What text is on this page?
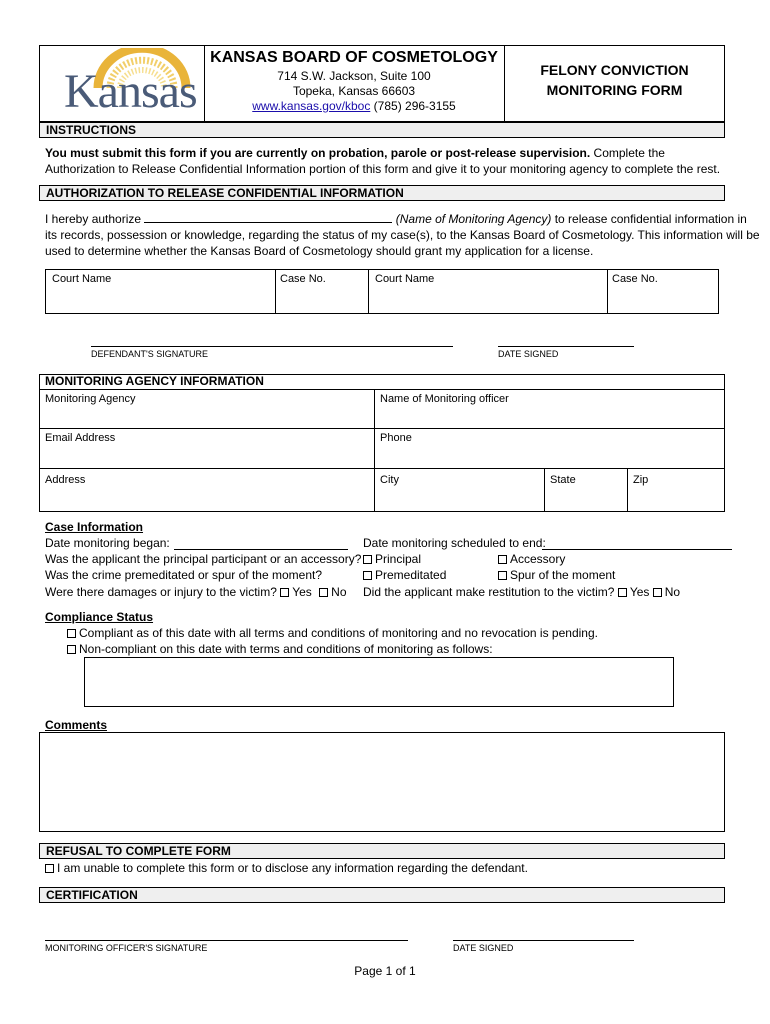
Kansas
KANSAS BOARD OF COSMETOLOGY
714 S.W. Jackson, Suite 100
Topeka, Kansas 66603
www.kansas.gov/kboc (785) 296-3155
FELONY CONVICTION
MONITORING FORM
INSTRUCTIONS
You must submit this form if you are currently on probation, parole or post-release supervision. Complete the Authorization to Release Confidential Information portion of this form and give it to your monitoring agency to complete the rest.
AUTHORIZATION TO RELEASE CONFIDENTIAL INFORMATION
I hereby authorize	(Name of Monitoring Agency) to release confidential information in
its records, possession or knowledge, regarding the status of my case(s), to the Kansas Board of Cosmetology. This information will be
used to determine whether the Kansas Board of Cosmetology should grant my application for a license.
Court Name	Case No.	Court Name	Case No.
DEFENDANT'S SIGNATURE	DATE SIGNED
MONITORING AGENCY INFORMATION
Monitoring Agency	Name of Monitoring officer
Email Address	Phone
Address	City	State	Zip
Case Information
Date monitoring began:	Date monitoring scheduled to end:
Was the applicant the principal participant or an accessory?	Principal	Accessory
Was the crime premeditated or spur of the moment?	Premeditated	Spur of the moment
Were there damages or injury to the victim? Yes No Did the applicant make restitution to the victim? Yes No
Compliance Status
Compliant as of this date with all terms and conditions of monitoring and no revocation is pending.
Non-compliant on this date with terms and conditions of monitoring as follows:
Comments
REFUSAL TO COMPLETE FORM
I am unable to complete this form or to disclose any information regarding the defendant.
CERTIFICATION
MONITORING OFFICER'S SIGNATURE	DATE SIGNED
Page 1 of 1
